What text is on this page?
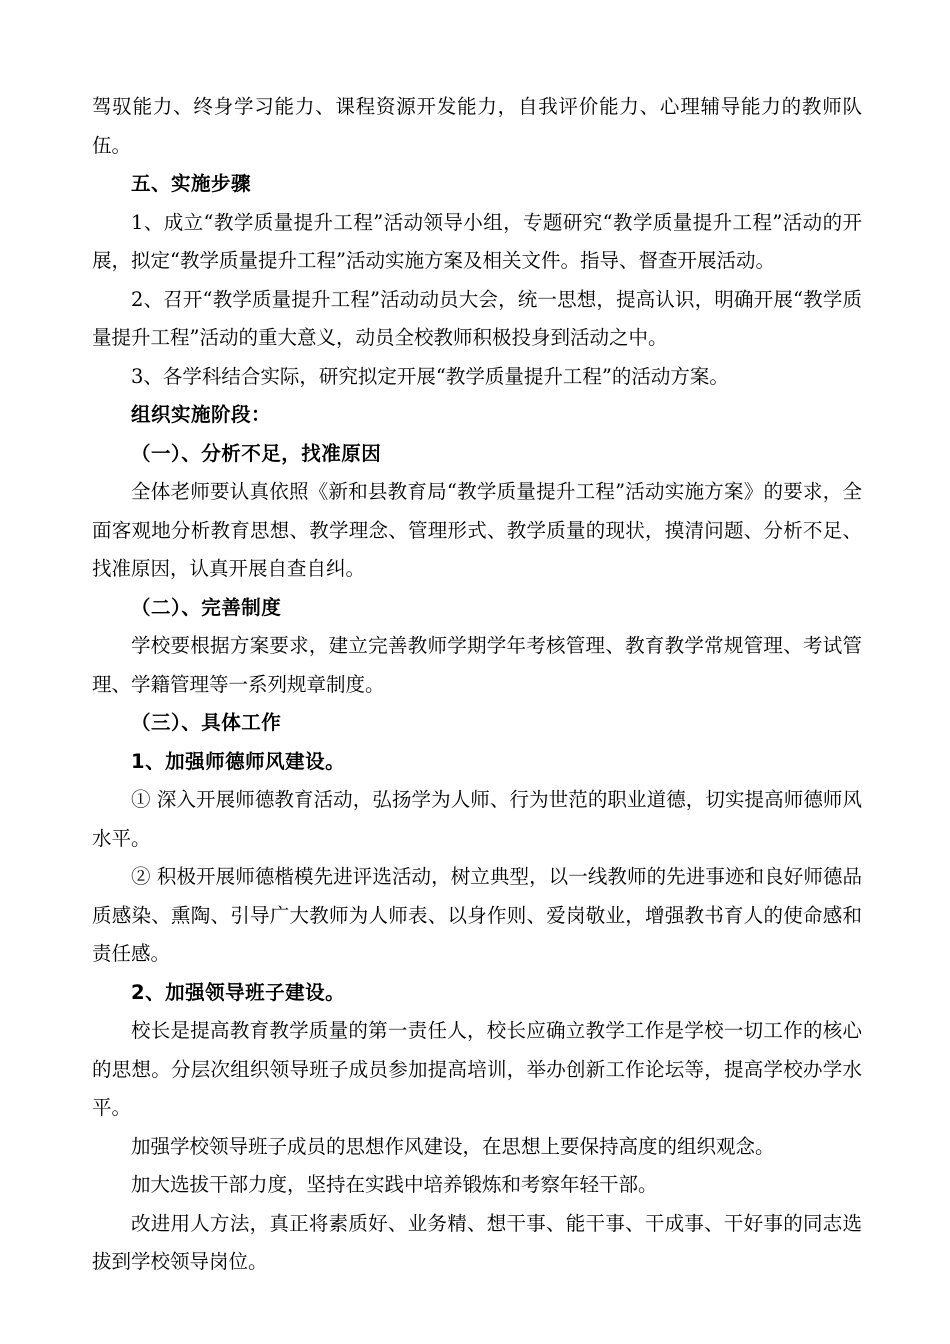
驾驭能力、终身学习能力、课程资源开发能力，自我评价能力、心理辅导能力的教师队伍。

五、实施步骤

1、成立“教学质量提升工程”活动领导小组，专题研究“教学质量提升工程”活动的开展，拟定“教学质量提升工程”活动实施方案及相关文件。指导、督查开展活动。

2、召开“教学质量提升工程”活动动员大会，统一思想，提高认识，明确开展“教学质量提升工程”活动的重大意义，动员全校教师积极投身到活动之中。

3、各学科结合实际，研究拟定开展“教学质量提升工程”的活动方案。

组织实施阶段：

（一）、分析不足，找准原因

全体老师要认真依照《新和县教育局“教学质量提升工程”活动实施方案》的要求，全面客观地分析教育思想、教学理念、管理形式、教学质量的现状，摸清问题、分析不足、找准原因，认真开展自查自纠。

（二）、完善制度

学校要根据方案要求，建立完善教师学期学年考核管理、教育教学常规管理、考试管理、学籍管理等一系列规章制度。

（三）、具体工作

1、加强师德师风建设。

① 深入开展师德教育活动，弘扬学为人师、行为世范的职业道德，切实提高师德师风水平。

② 积极开展师德楷模先进评选活动，树立典型，以一线教师的先进事迹和良好师德品质感染、熏陶、引导广大教师为人师表、以身作则、爱岗敬业，增强教书育人的使命感和责任感。

2、加强领导班子建设。

校长是提高教育教学质量的第一责任人，校长应确立教学工作是学校一切工作的核心的思想。分层次组织领导班子成员参加提高培训，举办创新工作论坛等，提高学校办学水平。

加强学校领导班子成员的思想作风建设，在思想上要保持高度的组织观念。

加大选拔干部力度，坚持在实践中培养锻炼和考察年轻干部。

改进用人方法，真正将素质好、业务精、想干事、能干事、干成事、干好事的同志选拔到学校领导岗位。
